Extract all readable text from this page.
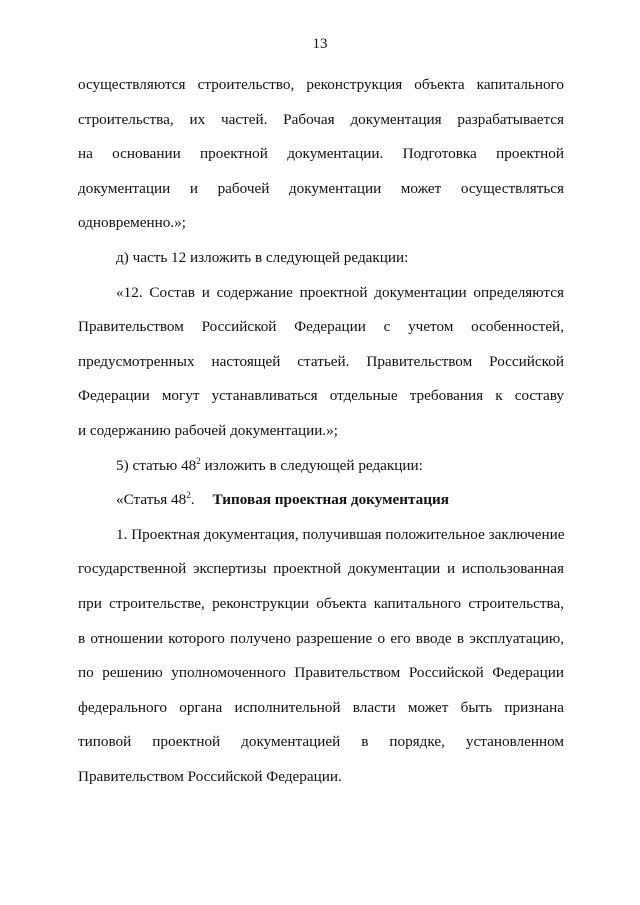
13
осуществляются строительство, реконструкция объекта капитального
строительства, их частей. Рабочая документация разрабатывается
на основании проектной документации. Подготовка проектной
документации и рабочей документации может осуществляться
одновременно.»;
д) часть 12 изложить в следующей редакции:
«12. Состав и содержание проектной документации определяются
Правительством Российской Федерации с учетом особенностей,
предусмотренных настоящей статьей. Правительством Российской
Федерации могут устанавливаться отдельные требования к составу
и содержанию рабочей документации.»;
5) статью $48^2$ изложить в следующей редакции:
«Статья $48^2$. Типовая проектная документация
1. Проектная документация, получившая положительное заключение
государственной экспертизы проектной документации и использованная
при строительстве, реконструкции объекта капитального строительства,
в отношении которого получено разрешение о его вводе в эксплуатацию,
по решению уполномоченного Правительством Российской Федерации
федерального органа исполнительной власти может быть признана
типовой проектной документацией в порядке, установленном
Правительством Российской Федерации.
